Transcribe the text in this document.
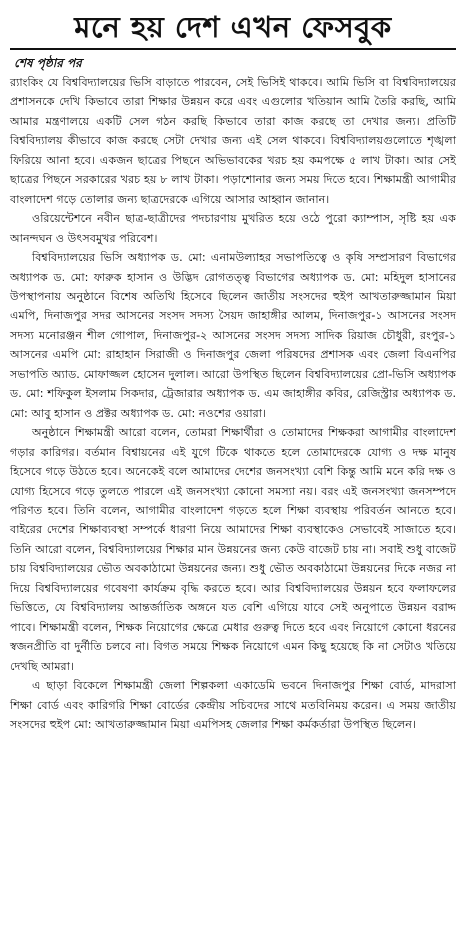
মনে হয় দেশ এখন ফেসবুক
শেষ পৃষ্ঠার পর

র‍্যাংকিং যে বিশ্ববিদ্যালয়ের ভিসি বাড়াতে পারবেন, সেই ভিসিই থাকবে। আমি ভিসি বা বিশ্ববিদ্যালয়ের প্রশাসনকে দেখি কিভাবে তারা শিক্ষার উন্নয়ন করে এবং এগুলোর খতিয়ান আমি তৈরি করছি, আমি আমার মন্ত্রণালয়ে একটি সেল গঠন করছি কিভাবে তারা কাজ করছে তা দেখার জন্য। প্রতিটি বিশ্ববিদ্যালয় কীভাবে কাজ করছে সেটা দেখার জন্য এই সেল থাকবে। বিশ্ববিদ্যালয়গুলোতে শৃঙ্খলা ফিরিয়ে আনা হবে। একজন ছাত্রের পিছনে অভিভাবকের খরচ হয় কমপক্ষে ৫ লাখ টাকা। আর সেই ছাত্রের পিছনে সরকারের খরচ হয় ৮ লাখ টাকা। পড়াশোনার জন্য সময় দিতে হবে। শিক্ষামন্ত্রী আগামীর বাংলাদেশ গড়ে তোলার জন্য ছাত্রদেরকে এগিয়ে আসার আহ্বান জানান।

ওরিয়েন্টেশনে নবীন ছাত্র-ছাত্রীদের পদচারণায় মুখরিত হয়ে ওঠে পুরো ক্যাম্পাস, সৃষ্টি হয় এক আনন্দঘন ও উৎসবমুখর পরিবেশ।

বিশ্ববিদ্যালয়ের ভিসি অধ্যাপক ড. মো: এনামউল্যাহর সভাপতিত্বে ও কৃষি সম্প্রসারণ বিভাগের অধ্যাপক ড. মো: ফারুক হাসান ও উদ্ভিদ রোগতত্ত্ব বিভাগের অধ্যাপক ড. মো: মহিদুল হাসানের উপস্থাপনায় অনুষ্ঠানে বিশেষ অতিথি হিসেবে ছিলেন জাতীয় সংসদের হুইপ আখতারুজ্জামান মিয়া এমপি, দিনাজপুর সদর আসনের সংসদ সদস্য সৈয়দ জাহাঙ্গীর আলম, দিনাজপুর-১ আসনের সংসদ সদস্য মনোরঞ্জন শীল গোপাল, দিনাজপুর-২ আসনের সংসদ সদস্য সাদিক রিয়াজ চৌধুরী, রংপুর-১ আসনের এমপি মো: রাহাহান সিরাজী ও দিনাজপুর জেলা পরিষদের প্রশাসক এবং জেলা বিএনপির সভাপতি অ্যাড. মোফাজ্জল হোসেন দুলাল। আরো উপস্থিত ছিলেন বিশ্ববিদ্যালয়ের প্রো-ভিসি অধ্যাপক ড. মো: শফিকুল ইসলাম সিকদার, ট্রেজারার অধ্যাপক ড. এম জাহাঙ্গীর কবির, রেজিস্ট্রার অধ্যাপক ড. মো: আবু হাসান ও প্রক্টর অধ্যাপক ড. মো: নওশের ওয়ারা।

অনুষ্ঠানে শিক্ষামন্ত্রী আরো বলেন, তোমরা শিক্ষার্থীরা ও তোমাদের শিক্ষকরা আগামীর বাংলাদেশ গড়ার কারিগর। বর্তমান বিশ্বায়নের এই যুগে টিকে থাকতে হলে তোমাদেরকে যোগ্য ও দক্ষ মানুষ হিসেবে গড়ে উঠতে হবে। অনেকেই বলে আমাদের দেশের জনসংখ্যা বেশি কিন্তু আমি মনে করি দক্ষ ও যোগ্য হিসেবে গড়ে তুলতে পারলে এই জনসংখ্যা কোনো সমস্যা নয়। বরং এই জনসংখ্যা জনসম্পদে পরিণত হবে। তিনি বলেন, আগামীর বাংলাদেশ গড়তে হলে শিক্ষা ব্যবস্থায় পরিবর্তন আনতে হবে। বাইরের দেশের শিক্ষাব্যবস্থা সম্পর্কে ধারণা নিয়ে আমাদের শিক্ষা ব্যবস্থাকেও সেভাবেই সাজাতে হবে। তিনি আরো বলেন, বিশ্ববিদ্যালয়ের শিক্ষার মান উন্নয়নের জন্য কেউ বাজেট চায় না। সবাই শুধু বাজেট চায় বিশ্ববিদ্যালয়ের ভৌত অবকাঠামো উন্নয়নের জন্য। শুধু ভৌত অবকাঠামো উন্নয়নের দিকে নজর না দিয়ে বিশ্ববিদ্যালয়ের গবেষণা কার্যক্রম বৃদ্ধি করতে হবে। আর বিশ্ববিদ্যালয়ের উন্নয়ন হবে ফলাফলের ভিত্তিতে, যে বিশ্ববিদ্যালয় আন্তর্জাতিক অঙ্গনে যত বেশি এগিয়ে যাবে সেই অনুপাতে উন্নয়ন বরাদ্দ পাবে। শিক্ষামন্ত্রী বলেন, শিক্ষক নিয়োগের ক্ষেত্রে মেধার গুরুত্ব দিতে হবে এবং নিয়োগে কোনো ধরনের স্বজনপ্রীতি বা দুর্নীতি চলবে না। বিগত সময়ে শিক্ষক নিয়োগে এমন কিছু হয়েছে কি না সেটাও খতিয়ে দেখছি আমরা।

এ ছাড়া বিকেলে শিক্ষামন্ত্রী জেলা শিল্পকলা একাডেমি ভবনে দিনাজপুর শিক্ষা বোর্ড, মাদরাসা শিক্ষা বোর্ড এবং কারিগরি শিক্ষা বোর্ডের কেন্দ্রীয় সচিবদের সাথে মতবিনিময় করেন। এ সময় জাতীয় সংসদের হুইপ মো: আখতারুজ্জামান মিয়া এমপিসহ জেলার শিক্ষা কর্মকর্তারা উপস্থিত ছিলেন।
